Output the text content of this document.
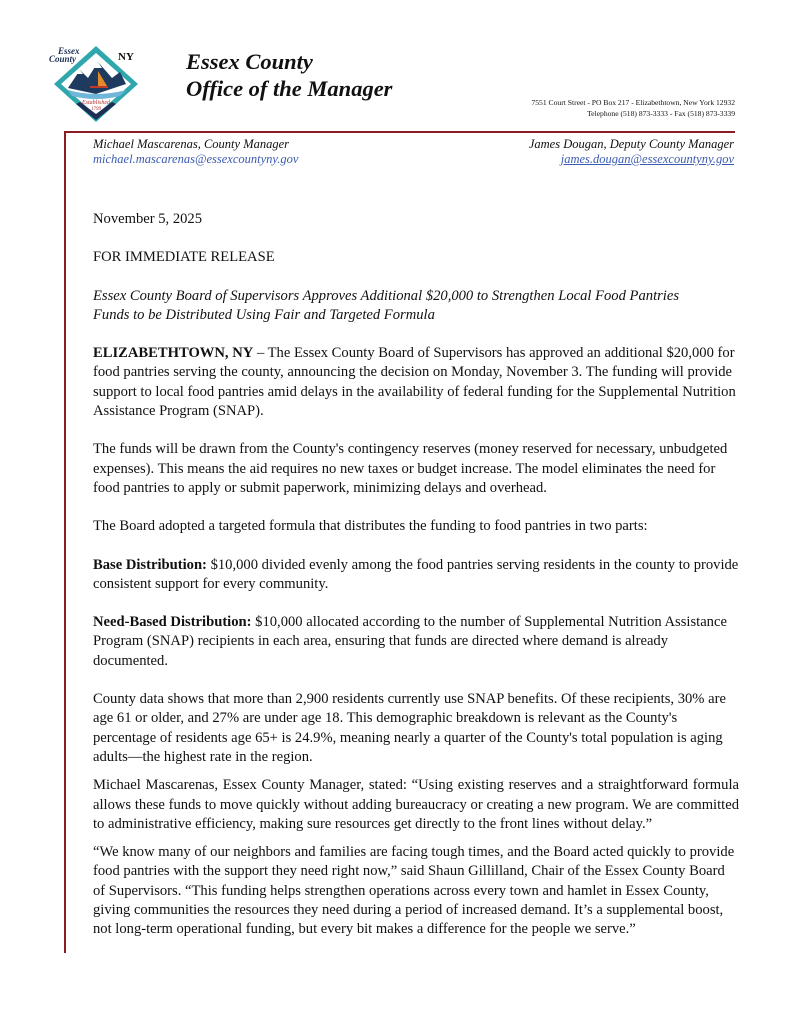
Established
1799
Essex
County	NY Essex County
Office of the Manager
7551 Court Street - PO Box 217 - Elizabethtown, New York 12932
Telephone (518) 873-3333 - Fax (518) 873-3339
Michael Mascarenas, County Manager
michael.mascarenas@essexcountyny.gov
James Dougan, Deputy County Manager
james.dougan@essexcountyny.gov

November 5, 2025

FOR IMMEDIATE RELEASE

Essex County Board of Supervisors Approves Additional $20,000 to Strengthen Local Food Pantries
Funds to be Distributed Using Fair and Targeted Formula

ELIZABETHTOWN, NY – The Essex County Board of Supervisors has approved an additional $20,000 for food pantries serving the county, announcing the decision on Monday, November 3. The funding will provide support to local food pantries amid delays in the availability of federal funding for the Supplemental Nutrition Assistance Program (SNAP).

The funds will be drawn from the County's contingency reserves (money reserved for necessary, unbudgeted expenses). This means the aid requires no new taxes or budget increase. The model eliminates the need for food pantries to apply or submit paperwork, minimizing delays and overhead.

The Board adopted a targeted formula that distributes the funding to food pantries in two parts:

Base Distribution: $10,000 divided evenly among the food pantries serving residents in the county to provide consistent support for every community.

Need-Based Distribution: $10,000 allocated according to the number of Supplemental Nutrition Assistance Program (SNAP) recipients in each area, ensuring that funds are directed where demand is already documented.

County data shows that more than 2,900 residents currently use SNAP benefits. Of these recipients, 30% are age 61 or older, and 27% are under age 18. This demographic breakdown is relevant as the County's percentage of residents age 65+ is 24.9%, meaning nearly a quarter of the County's total population is aging adults—the highest rate in the region.

Michael Mascarenas, Essex County Manager, stated: “Using existing reserves and a straightforward formula allows these funds to move quickly without adding bureaucracy or creating a new program. We are committed to administrative efficiency, making sure resources get directly to the front lines without delay.”

“We know many of our neighbors and families are facing tough times, and the Board acted quickly to provide food pantries with the support they need right now,” said Shaun Gillilland, Chair of the Essex County Board of Supervisors. “This funding helps strengthen operations across every town and hamlet in Essex County, giving communities the resources they need during a period of increased demand. It’s a supplemental boost, not long-term operational funding, but every bit makes a difference for the people we serve.”
